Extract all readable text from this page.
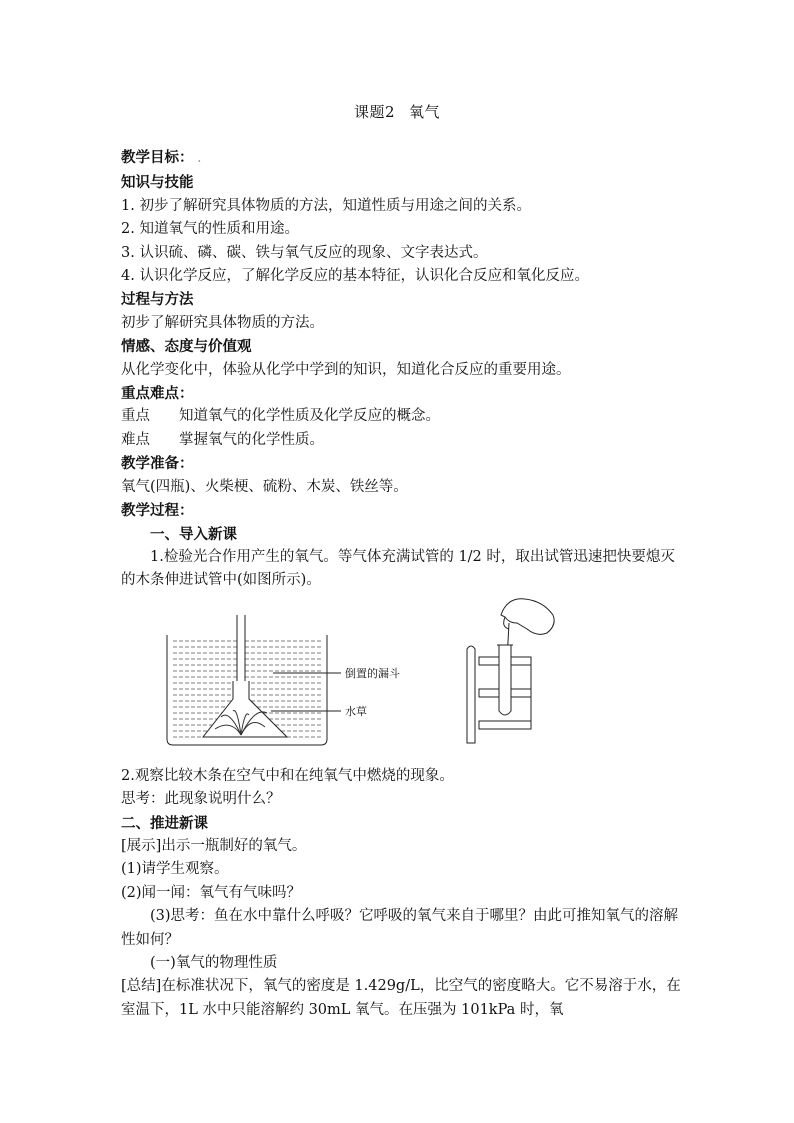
课题2 氧气
教学目标： .
知识与技能
1. 初步了解研究具体物质的方法，知道性质与用途之间的关系。
2. 知道氧气的性质和用途。
3. 认识硫、磷、碳、铁与氧气反应的现象、文字表达式。
4. 认识化学反应，了解化学反应的基本特征，认识化合反应和氧化反应。
过程与方法
初步了解研究具体物质的方法。
情感、态度与价值观
从化学变化中，体验从化学中学到的知识，知道化合反应的重要用途。
重点难点：
重点 知道氧气的化学性质及化学反应的概念。
难点 掌握氧气的化学性质。
教学准备：
氧气(四瓶)、火柴梗、硫粉、木炭、铁丝等。
教学过程：
一、导入新课
1.检验光合作用产生的氧气。等气体充满试管的 1/2 时，取出试管迅速把快要熄灭的木条伸进试管中(如图所示)。
倒置的漏斗
水草
2.观察比较木条在空气中和在纯氧气中燃烧的现象。
思考：此现象说明什么？
二、推进新课
[展示]出示一瓶制好的氧气。
(1)请学生观察。
(2)闻一闻：氧气有气味吗？
(3)思考：鱼在水中靠什么呼吸？它呼吸的氧气来自于哪里？由此可推知氧气的溶解性如何？
(一)氧气的物理性质
[总结]在标准状况下，氧气的密度是 1.429g/L，比空气的密度略大。它不易溶于水，在室温下，1L 水中只能溶解约 30mL 氧气。在压强为 101kPa 时，氧
